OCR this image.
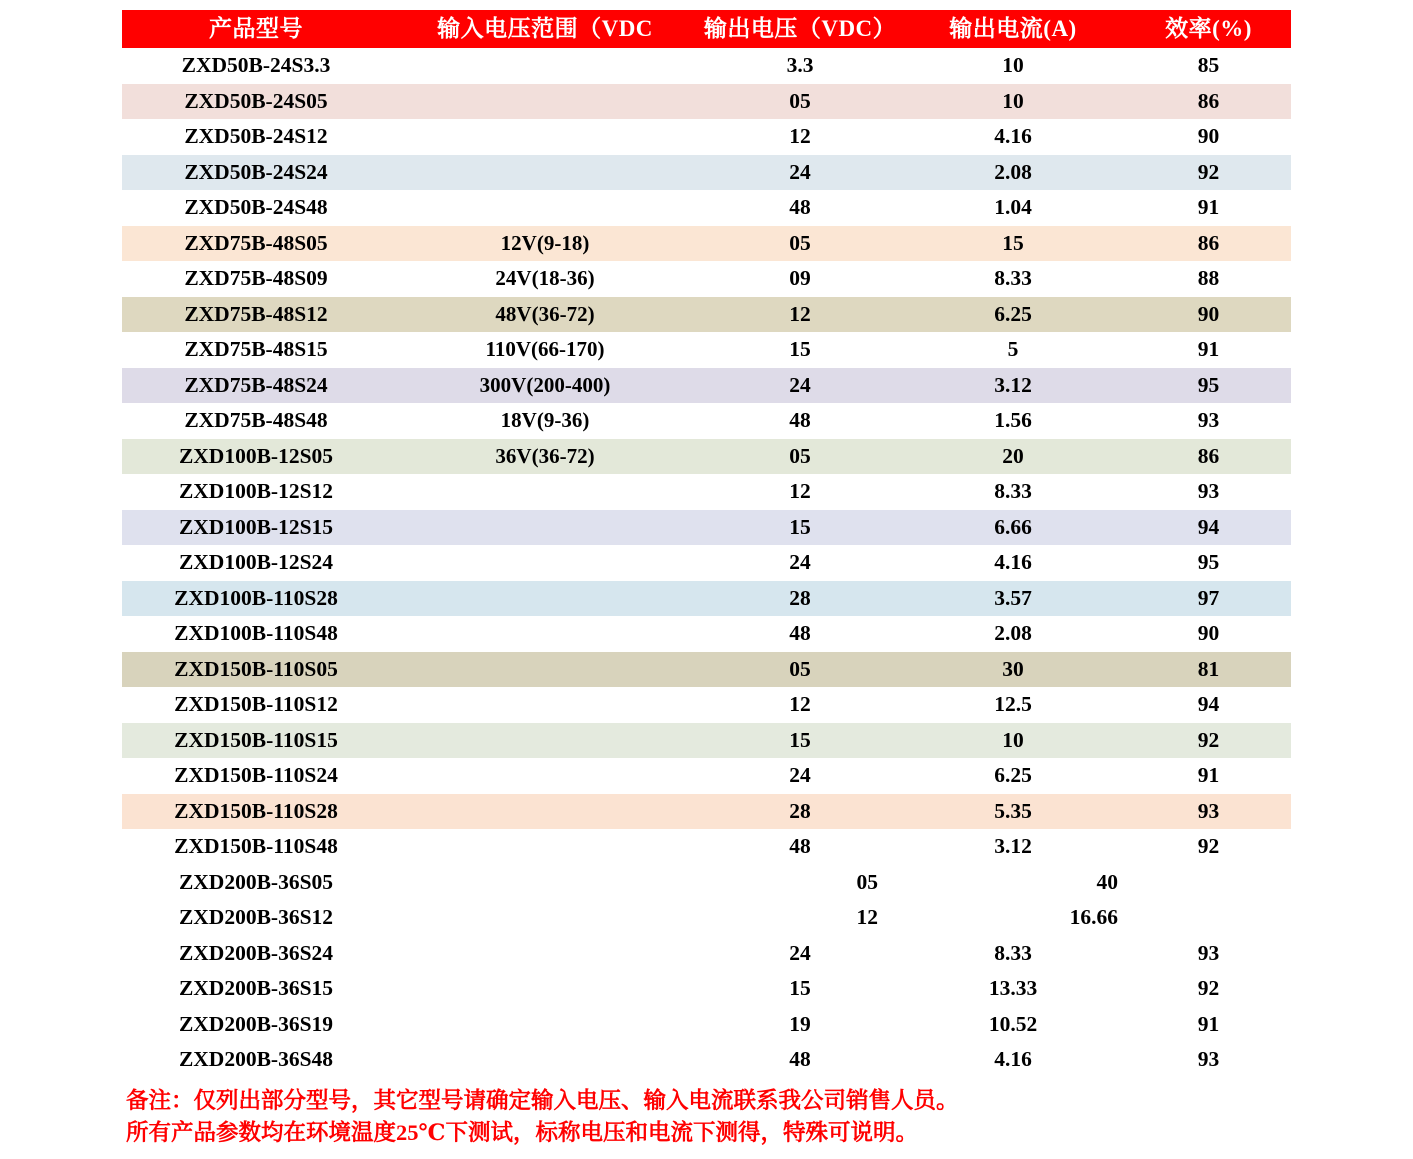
产品型号	输入电压范围（VDC	输出电压（VDC）	输出电流(A)	效率(%)
ZXD50B-24S3.3		3.3	10	85
ZXD50B-24S05		05	10	86
ZXD50B-24S12		12	4.16	90
ZXD50B-24S24		24	2.08	92
ZXD50B-24S48		48	1.04	91
ZXD75B-48S05	12V(9-18)	05	15	86
ZXD75B-48S09	24V(18-36)	09	8.33	88
ZXD75B-48S12	48V(36-72)	12	6.25	90
ZXD75B-48S15	110V(66-170)	15	5	91
ZXD75B-48S24	300V(200-400)	24	3.12	95
ZXD75B-48S48	18V(9-36)	48	1.56	93
ZXD100B-12S05	36V(36-72)	05	20	86
ZXD100B-12S12		12	8.33	93
ZXD100B-12S15		15	6.66	94
ZXD100B-12S24		24	4.16	95
ZXD100B-110S28		28	3.57	97
ZXD100B-110S48		48	2.08	90
ZXD150B-110S05		05	30	81
ZXD150B-110S12		12	12.5	94
ZXD150B-110S15		15	10	92
ZXD150B-110S24		24	6.25	91
ZXD150B-110S28		28	5.35	93
ZXD150B-110S48		48	3.12	92
ZXD200B-36S05		05	40	
ZXD200B-36S12		12	16.66	
ZXD200B-36S24		24	8.33	93
ZXD200B-36S15		15	13.33	92
ZXD200B-36S19		19	10.52	91
ZXD200B-36S48		48	4.16	93
备注：仅列出部分型号，其它型号请确定输入电压、输入电流联系我公司销售人员。
所有产品参数均在环境温度25℃下测试，标称电压和电流下测得，特殊可说明。
